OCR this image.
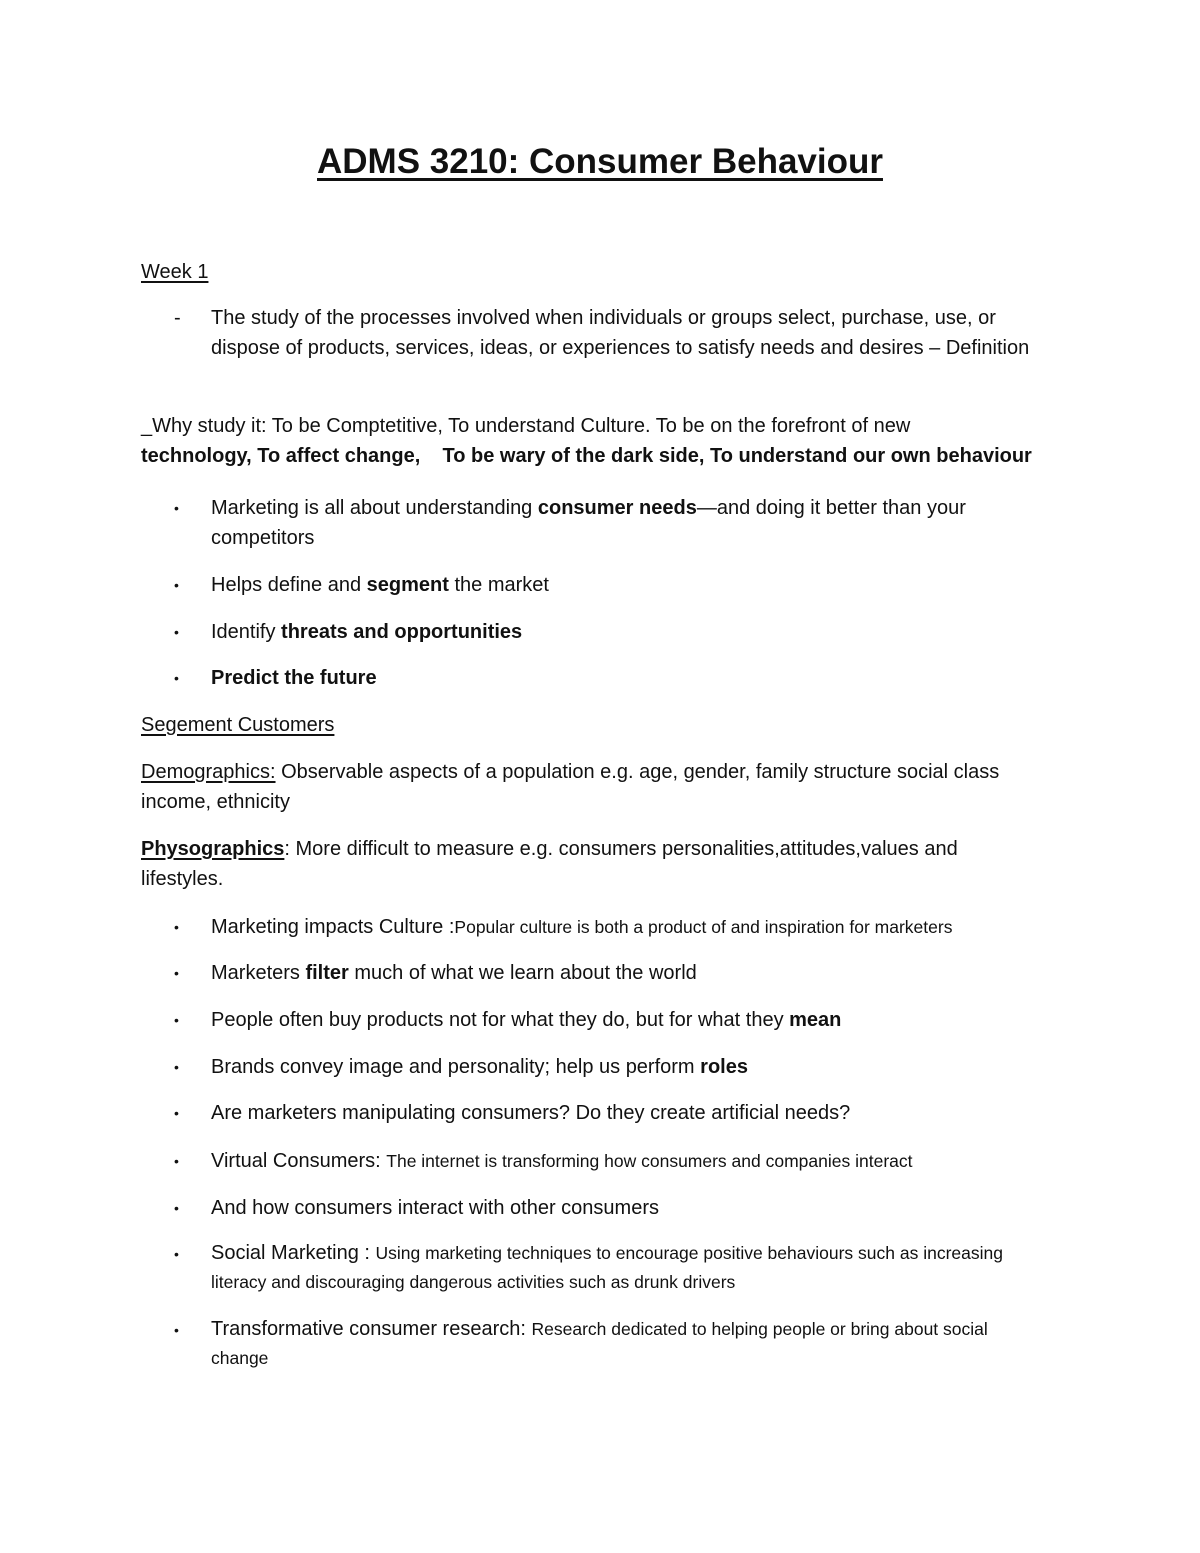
ADMS 3210: Consumer Behaviour
Week 1
- The study of the processes involved when individuals or groups select, purchase, use, or dispose of products, services, ideas, or experiences to satisfy needs and desires – Definition
_Why study it: To be Comptetitive, To understand Culture. To be on the forefront of new technology, To affect change,    To be wary of the dark side, To understand our own behaviour
• Marketing is all about understanding consumer needs—and doing it better than your competitors
• Helps define and segment the market
• Identify threats and opportunities
• Predict the future
Segement Customers
Demographics: Observable aspects of a population e.g. age, gender, family structure social class income, ethnicity
Physographics: More difficult to measure e.g. consumers personalities,attitudes,values and lifestyles.
• Marketing impacts Culture :Popular culture is both a product of and inspiration for marketers
• Marketers filter much of what we learn about the world
• People often buy products not for what they do, but for what they mean
• Brands convey image and personality; help us perform roles
• Are marketers manipulating consumers? Do they create artificial needs?
• Virtual Consumers: The internet is transforming how consumers and companies interact
• And how consumers interact with other consumers
• Social Marketing : Using marketing techniques to encourage positive behaviours such as increasing literacy and discouraging dangerous activities such as drunk drivers
• Transformative consumer research: Research dedicated to helping people or bring about social change
